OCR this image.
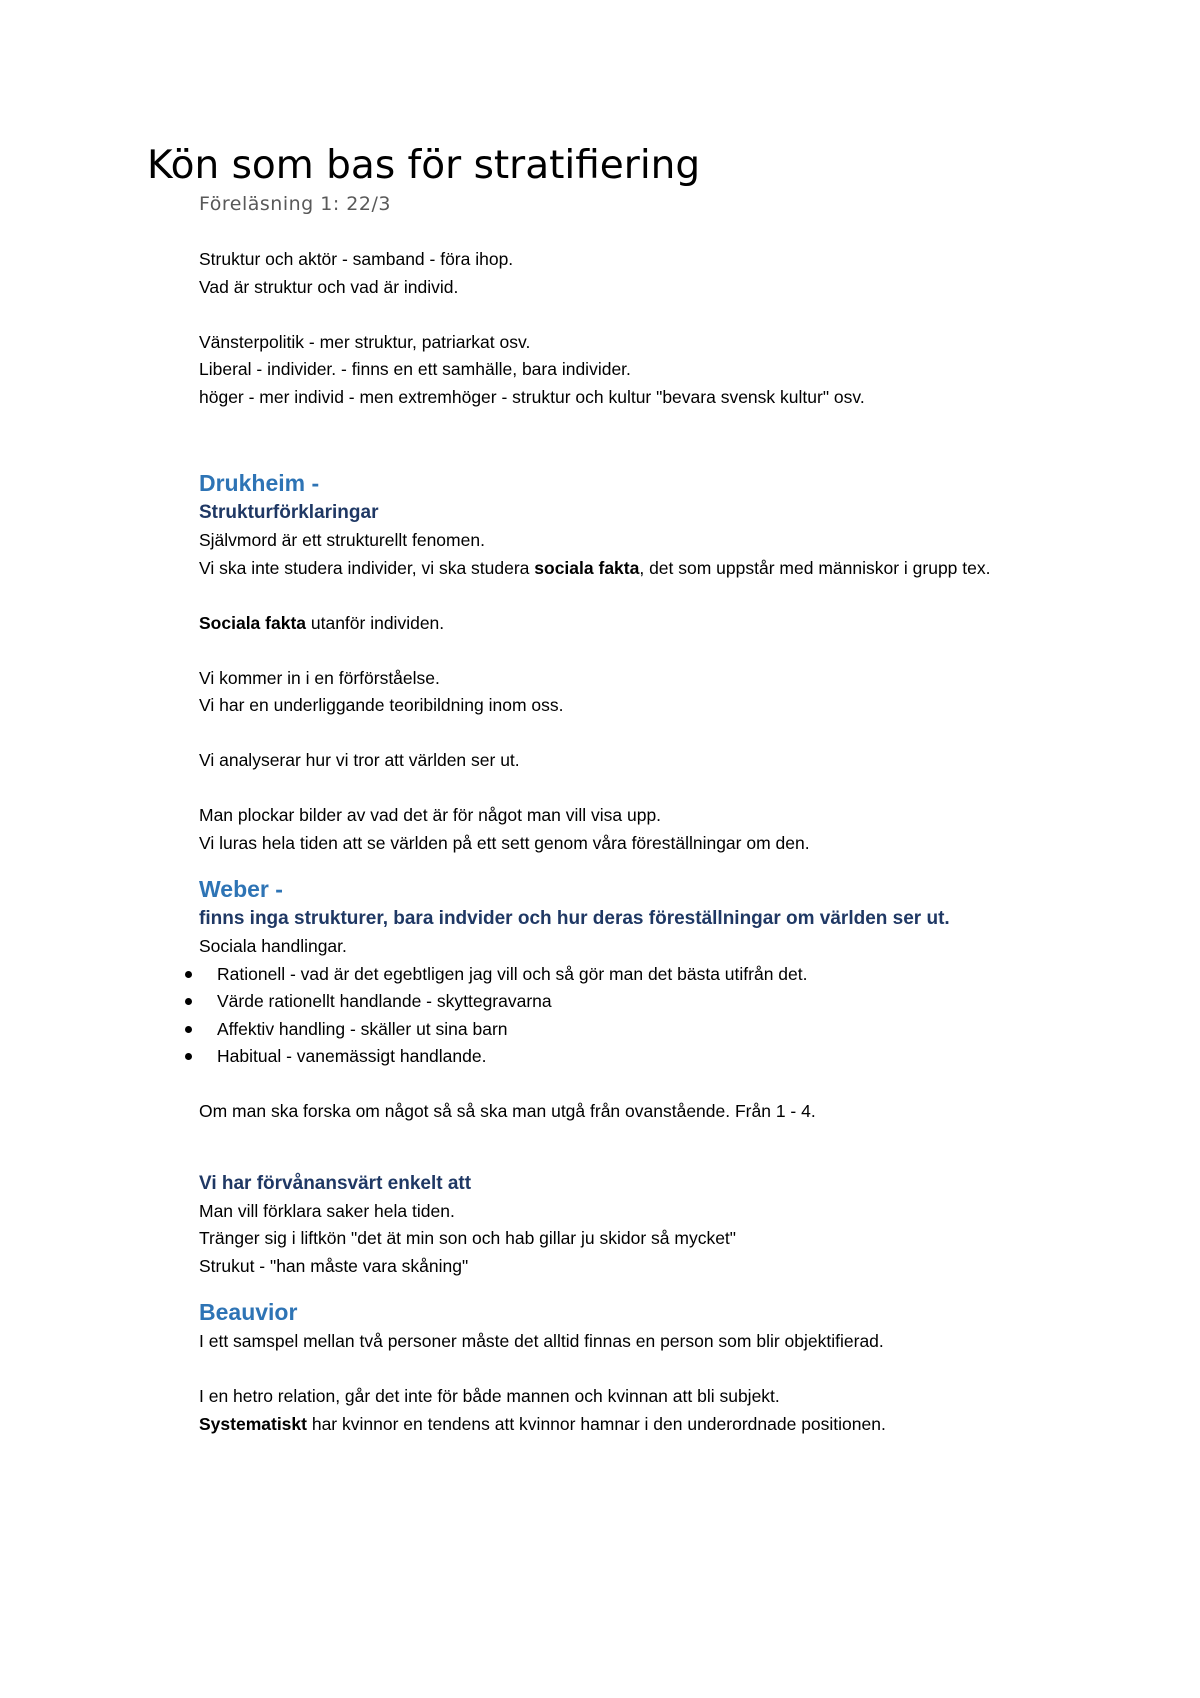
Kön som bas för stratifiering
Föreläsning 1: 22/3

Struktur och aktör - samband - föra ihop.

Vad är struktur och vad är individ.

Vänsterpolitik - mer struktur, patriarkat osv.

Liberal - individer. - finns en ett samhälle, bara individer.

höger - mer individ - men extremhöger - struktur och kultur "bevara svensk kultur" osv.

Drukheim -
Strukturförklaringar

Självmord är ett strukturellt fenomen.

Vi ska inte studera individer, vi ska studera sociala fakta, det som uppstår med människor i grupp tex.

Sociala fakta utanför individen.

Vi kommer in i en förförståelse.

Vi har en underliggande teoribildning inom oss.

Vi analyserar hur vi tror att världen ser ut.

Man plockar bilder av vad det är för något man vill visa upp.

Vi luras hela tiden att se världen på ett sett genom våra föreställningar om den.

Weber -
finns inga strukturer, bara indvider och hur deras föreställningar om världen ser ut.

Sociala handlingar.

Rationell - vad är det egebtligen jag vill och så gör man det bästa utifrån det.
Värde rationellt handlande - skyttegravarna
Affektiv handling - skäller ut sina barn
Habitual - vanemässigt handlande.

Om man ska forska om något så så ska man utgå från ovanstående. Från 1 - 4.

Vi har förvånansvärt enkelt att

Man vill förklara saker hela tiden.

Tränger sig i liftkön "det ät min son och hab gillar ju skidor så mycket"

Strukut - "han måste vara skåning"

Beauvior

I ett samspel mellan två personer måste det alltid finnas en person som blir objektifierad.

I en hetro relation, går det inte för både mannen och kvinnan att bli subjekt.

Systematiskt har kvinnor en tendens att kvinnor hamnar i den underordnade positionen.
